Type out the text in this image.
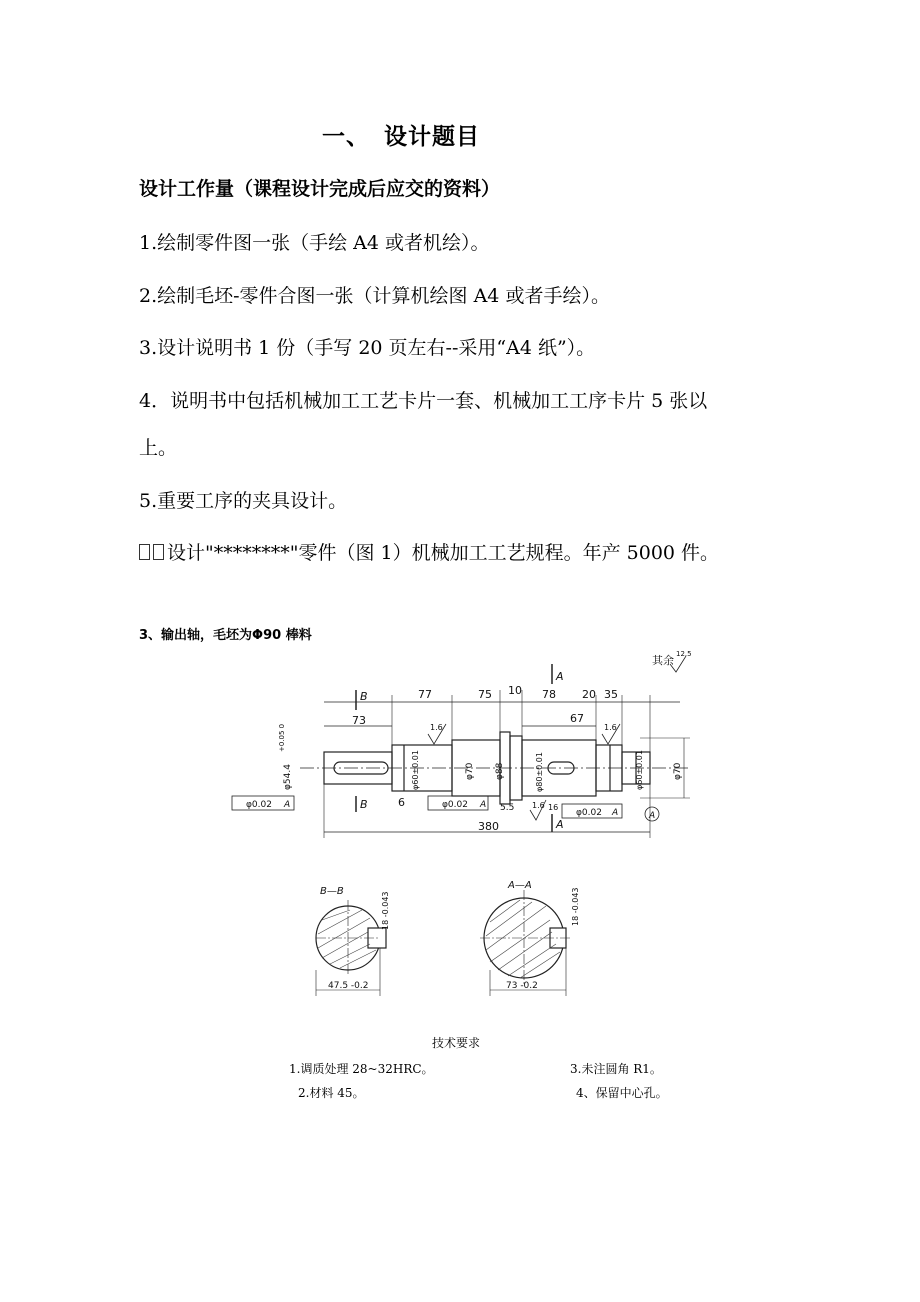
一、 设计题目
设计工作量（课程设计完成后应交的资料）
1.绘制零件图一张（手绘 A4 或者机绘）。
2.绘制毛坯-零件合图一张（计算机绘图 A4 或者手绘）。
3.设计说明书 1 份（手写 20 页左右--采用“A4 纸”）。
4．说明书中包括机械加工工艺卡片一套、机械加工工序卡片 5 张以
上。
5.重要工序的夹具设计。
设计"********"零件（图 1）机械加工工艺规程。年产 5000 件。
3、输出轴，毛坯为Φ90 棒料
其余 12.5
A
B
B
A
77	75 10 78 20 35
73	67
1.6	1.6
1.6
6	5.5	16
φ0.02 A	φ0.02 A
φ0.02 A	A
380
φ54.4
+0.05 0
φ60±0.01	φ70 φ88	φ80±0.01	φ60±0.01	φ70
B—B
A—A
18 -0.043	18 -0.043
47.5 -0.2	73 -0.2
技术要求
1.调质处理 28~32HRC。	3.未注圆角 R1。
2.材料 45。	4、保留中心孔。
